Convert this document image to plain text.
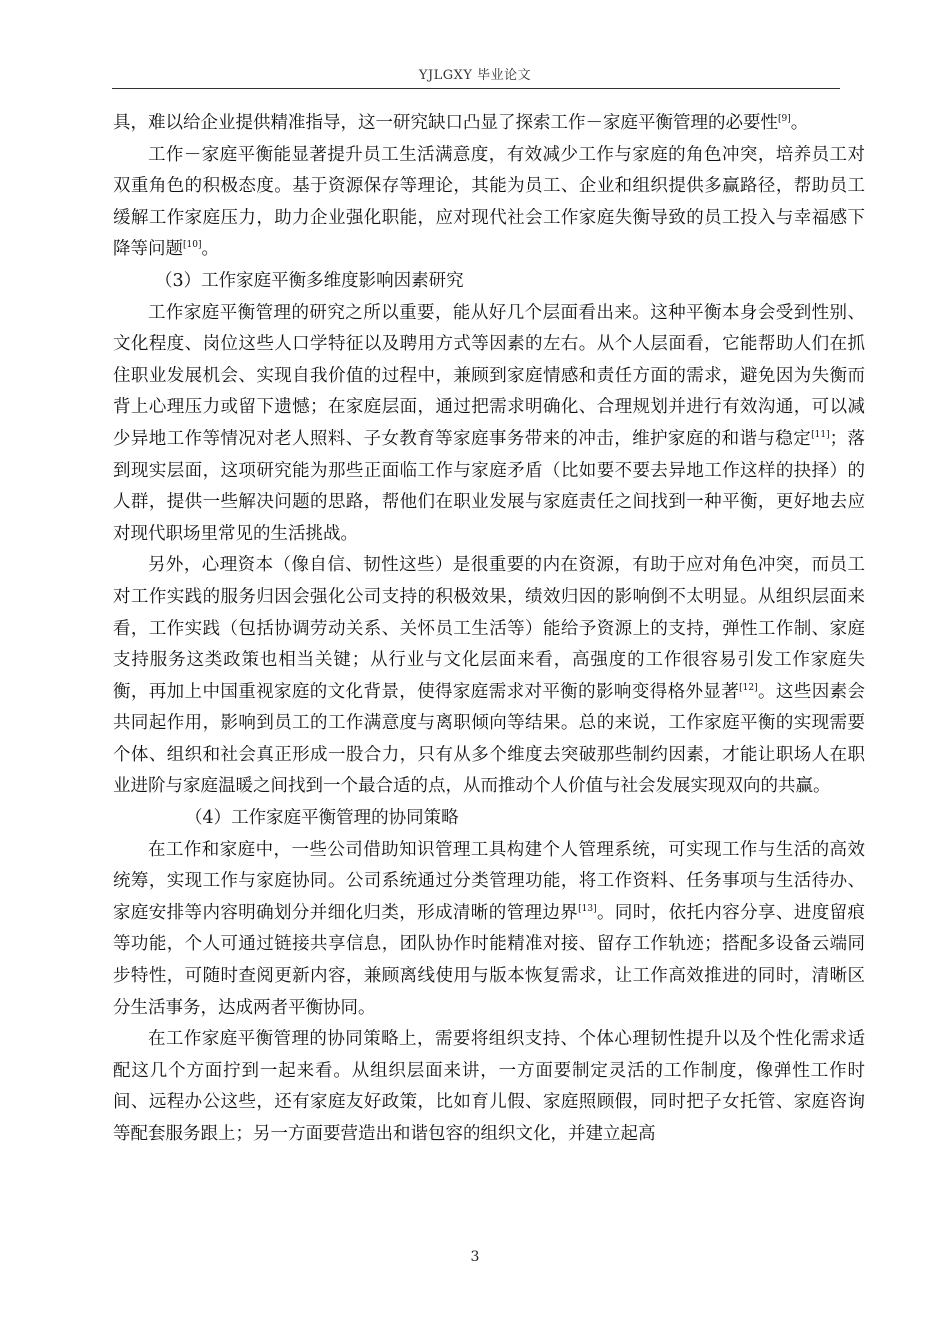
YJLGXY 毕业论文

具，难以给企业提供精准指导，这一研究缺口凸显了探索工作－家庭平衡管理的必要性[9]。

工作－家庭平衡能显著提升员工生活满意度，有效减少工作与家庭的角色冲突，培养员工对双重角色的积极态度。基于资源保存等理论，其能为员工、企业和组织提供多赢路径，帮助员工缓解工作家庭压力，助力企业强化职能，应对现代社会工作家庭失衡导致的员工投入与幸福感下降等问题[10]。

（3）工作家庭平衡多维度影响因素研究

工作家庭平衡管理的研究之所以重要，能从好几个层面看出来。这种平衡本身会受到性别、文化程度、岗位这些人口学特征以及聘用方式等因素的左右。从个人层面看，它能帮助人们在抓住职业发展机会、实现自我价值的过程中，兼顾到家庭情感和责任方面的需求，避免因为失衡而背上心理压力或留下遗憾；在家庭层面，通过把需求明确化、合理规划并进行有效沟通，可以减少异地工作等情况对老人照料、子女教育等家庭事务带来的冲击，维护家庭的和谐与稳定[11]；落到现实层面，这项研究能为那些正面临工作与家庭矛盾（比如要不要去异地工作这样的抉择）的人群，提供一些解决问题的思路，帮他们在职业发展与家庭责任之间找到一种平衡，更好地去应对现代职场里常见的生活挑战。

另外，心理资本（像自信、韧性这些）是很重要的内在资源，有助于应对角色冲突，而员工对工作实践的服务归因会强化公司支持的积极效果，绩效归因的影响倒不太明显。从组织层面来看，工作实践（包括协调劳动关系、关怀员工生活等）能给予资源上的支持，弹性工作制、家庭支持服务这类政策也相当关键；从行业与文化层面来看，高强度的工作很容易引发工作家庭失衡，再加上中国重视家庭的文化背景，使得家庭需求对平衡的影响变得格外显著[12]。这些因素会共同起作用，影响到员工的工作满意度与离职倾向等结果。总的来说，工作家庭平衡的实现需要个体、组织和社会真正形成一股合力，只有从多个维度去突破那些制约因素，才能让职场人在职业进阶与家庭温暖之间找到一个最合适的点，从而推动个人价值与社会发展实现双向的共赢。

（4）工作家庭平衡管理的协同策略

在工作和家庭中，一些公司借助知识管理工具构建个人管理系统，可实现工作与生活的高效统筹，实现工作与家庭协同。公司系统通过分类管理功能，将工作资料、任务事项与生活待办、家庭安排等内容明确划分并细化归类，形成清晰的管理边界[13]。同时，依托内容分享、进度留痕等功能，个人可通过链接共享信息，团队协作时能精准对接、留存工作轨迹；搭配多设备云端同步特性，可随时查阅更新内容，兼顾离线使用与版本恢复需求，让工作高效推进的同时，清晰区分生活事务，达成两者平衡协同。

在工作家庭平衡管理的协同策略上，需要将组织支持、个体心理韧性提升以及个性化需求适配这几个方面拧到一起来看。从组织层面来讲，一方面要制定灵活的工作制度，像弹性工作时间、远程办公这些，还有家庭友好政策，比如育儿假、家庭照顾假，同时把子女托管、家庭咨询等配套服务跟上；另一方面要营造出和谐包容的组织文化，并建立起高

3
